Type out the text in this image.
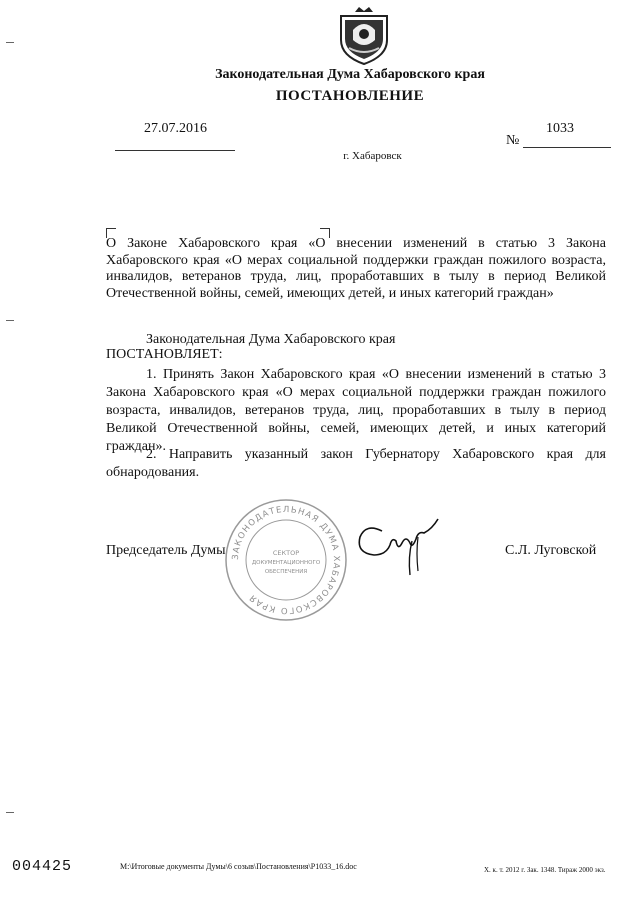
Законодательная Дума Хабаровского края
ПОСТАНОВЛЕНИЕ
27.07.2016
№
1033
г. Хабаровск
О Законе Хабаровского края «О внесении изменений в статью 3 Закона Хабаровского края «О мерах социальной поддержки граждан пожилого возраста, инвалидов, ветеранов труда, лиц, проработавших в тылу в период Великой Отечественной войны, семей, имеющих детей, и иных категорий граждан»
Законодательная Дума Хабаровского края
ПОСТАНОВЛЯЕТ:
1. Принять Закон Хабаровского края «О внесении изменений в статью 3 Закона Хабаровского края «О мерах социальной поддержки граждан пожилого возраста, инвалидов, ветеранов труда, лиц, проработавших в тылу в период Великой Отечественной войны, семей, имеющих детей, и иных категорий граждан».
2. Направить указанный закон Губернатору Хабаровского края для обнародования.
ЗАКОНОДАТЕЛЬНАЯ ДУМА ХАБАРОВСКОГО КРАЯ
СЕКТОР
ДОКУМЕНТАЦИОННОГО
ОБЕСПЕЧЕНИЯ
Председатель Думы	С.Л. Луговской
004425	M:\Итоговые документы Думы\6 созыв\Постановления\Р1033_16.doc	Х. к. т. 2012 г. Зак. 1348. Тираж 2000 экз.
